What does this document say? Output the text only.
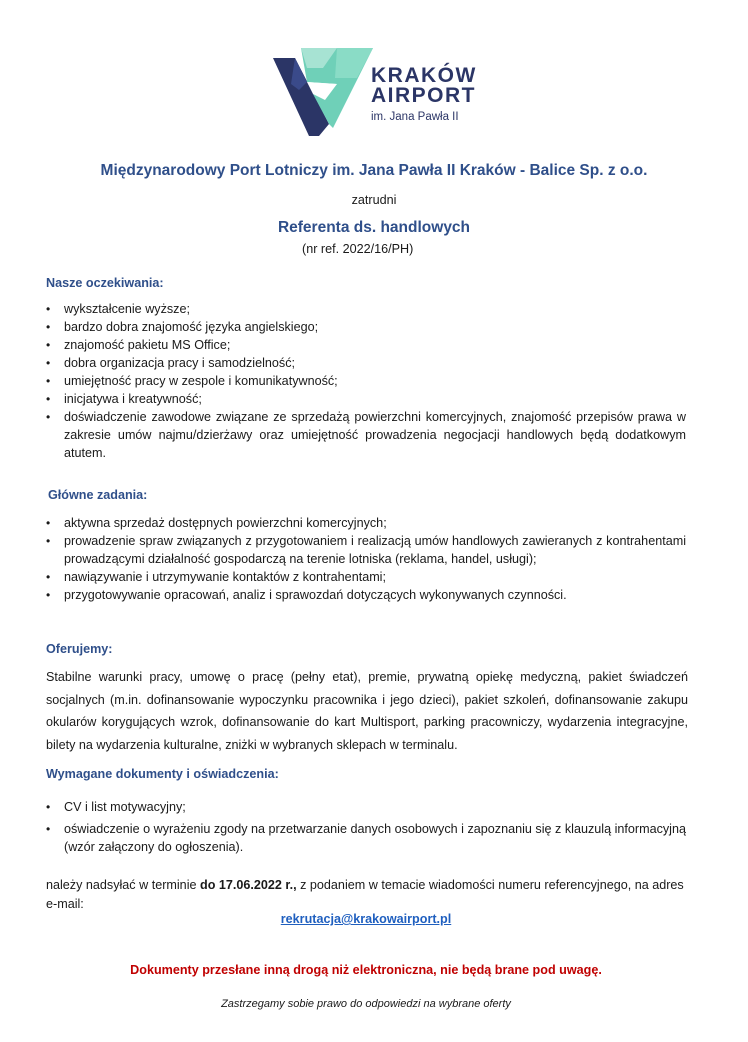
KRAKÓW
AIRPORT
im. Jana Pawła II
Międzynarodowy Port Lotniczy im. Jana Pawła II Kraków - Balice Sp. z o.o.
zatrudni
Referenta ds. handlowych
(nr ref. 2022/16/PH)
Nasze oczekiwania:
• wykształcenie wyższe;
• bardzo dobra znajomość języka angielskiego;
• znajomość pakietu MS Office;
• dobra organizacja pracy i samodzielność;
• umiejętność pracy w zespole i komunikatywność;
• inicjatywa i kreatywność;
• doświadczenie zawodowe związane ze sprzedażą powierzchni komercyjnych, znajomość przepisów prawa w zakresie umów najmu/dzierżawy oraz umiejętność prowadzenia negocjacji handlowych będą dodatkowym atutem.
Główne zadania:
• aktywna sprzedaż dostępnych powierzchni komercyjnych;
• prowadzenie spraw związanych z przygotowaniem i realizacją umów handlowych zawieranych z kontrahentami prowadzącymi działalność gospodarczą na terenie lotniska (reklama, handel, usługi);
• nawiązywanie i utrzymywanie kontaktów z kontrahentami;
• przygotowywanie opracowań, analiz i sprawozdań dotyczących wykonywanych czynności.
Oferujemy:
Stabilne warunki pracy, umowę o pracę (pełny etat), premie, prywatną opiekę medyczną, pakiet świadczeń socjalnych (m.in. dofinansowanie wypoczynku pracownika i jego dzieci), pakiet szkoleń, dofinansowanie zakupu okularów korygujących wzrok, dofinansowanie do kart Multisport, parking pracowniczy, wydarzenia integracyjne, bilety na wydarzenia kulturalne, zniżki w wybranych sklepach w terminalu.
Wymagane dokumenty i oświadczenia:
• CV i list motywacyjny;
• oświadczenie o wyrażeniu zgody na przetwarzanie danych osobowych i zapoznaniu się z klauzulą informacyjną (wzór załączony do ogłoszenia).
należy nadsyłać w terminie do 17.06.2022 r., z podaniem w temacie wiadomości numeru referencyjnego, na adres e-mail:
rekrutacja@krakowairport.pl
Dokumenty przesłane inną drogą niż elektroniczna, nie będą brane pod uwagę.
Zastrzegamy sobie prawo do odpowiedzi na wybrane oferty
